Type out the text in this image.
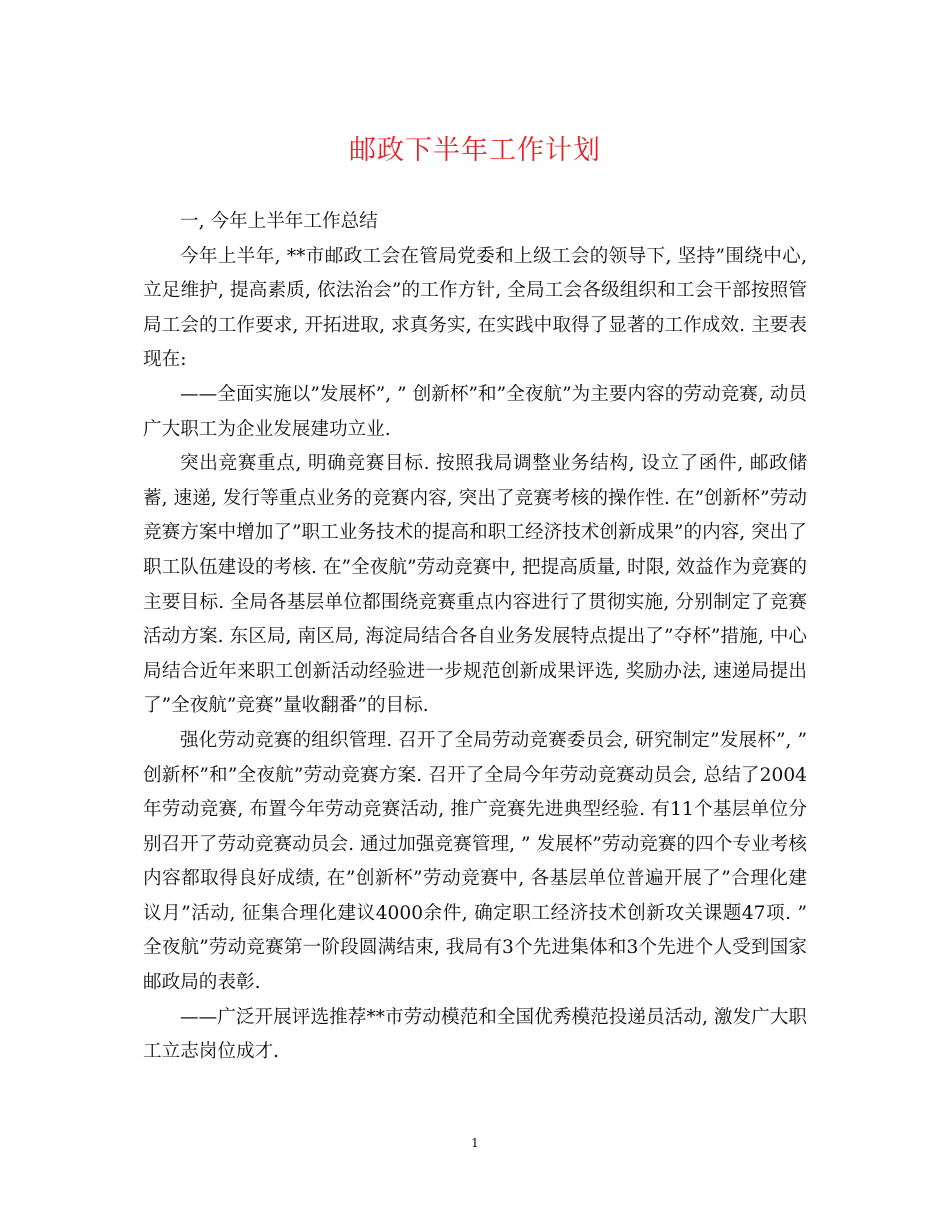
邮政下半年工作计划

一, 今年上半年工作总结

今年上半年, **市邮政工会在管局党委和上级工会的领导下, 坚持”围绕中心, 立足维护, 提高素质, 依法治会”的工作方针, 全局工会各级组织和工会干部按照管局工会的工作要求, 开拓进取, 求真务实, 在实践中取得了显著的工作成效. 主要表现在:

——全面实施以”发展杯”, ” 创新杯”和”全夜航”为主要内容的劳动竞赛, 动员广大职工为企业发展建功立业.

突出竞赛重点, 明确竞赛目标. 按照我局调整业务结构, 设立了函件, 邮政储蓄, 速递, 发行等重点业务的竞赛内容, 突出了竞赛考核的操作性. 在”创新杯”劳动竞赛方案中增加了”职工业务技术的提高和职工经济技术创新成果”的内容, 突出了职工队伍建设的考核. 在”全夜航”劳动竞赛中, 把提高质量, 时限, 效益作为竞赛的主要目标. 全局各基层单位都围绕竞赛重点内容进行了贯彻实施, 分别制定了竞赛活动方案. 东区局, 南区局, 海淀局结合各自业务发展特点提出了”夺杯”措施, 中心局结合近年来职工创新活动经验进一步规范创新成果评选, 奖励办法, 速递局提出了”全夜航”竞赛”量收翻番”的目标.

强化劳动竞赛的组织管理. 召开了全局劳动竞赛委员会, 研究制定”发展杯”, ” 创新杯”和”全夜航”劳动竞赛方案. 召开了全局今年劳动竞赛动员会, 总结了2004年劳动竞赛, 布置今年劳动竞赛活动, 推广竞赛先进典型经验. 有11个基层单位分别召开了劳动竞赛动员会. 通过加强竞赛管理, ” 发展杯”劳动竞赛的四个专业考核内容都取得良好成绩, 在”创新杯”劳动竞赛中, 各基层单位普遍开展了”合理化建议月”活动, 征集合理化建议4000余件, 确定职工经济技术创新攻关课题47项. ” 全夜航”劳动竞赛第一阶段圆满结束, 我局有3个先进集体和3个先进个人受到国家邮政局的表彰.

——广泛开展评选推荐**市劳动模范和全国优秀模范投递员活动, 激发广大职工立志岗位成才.

1
